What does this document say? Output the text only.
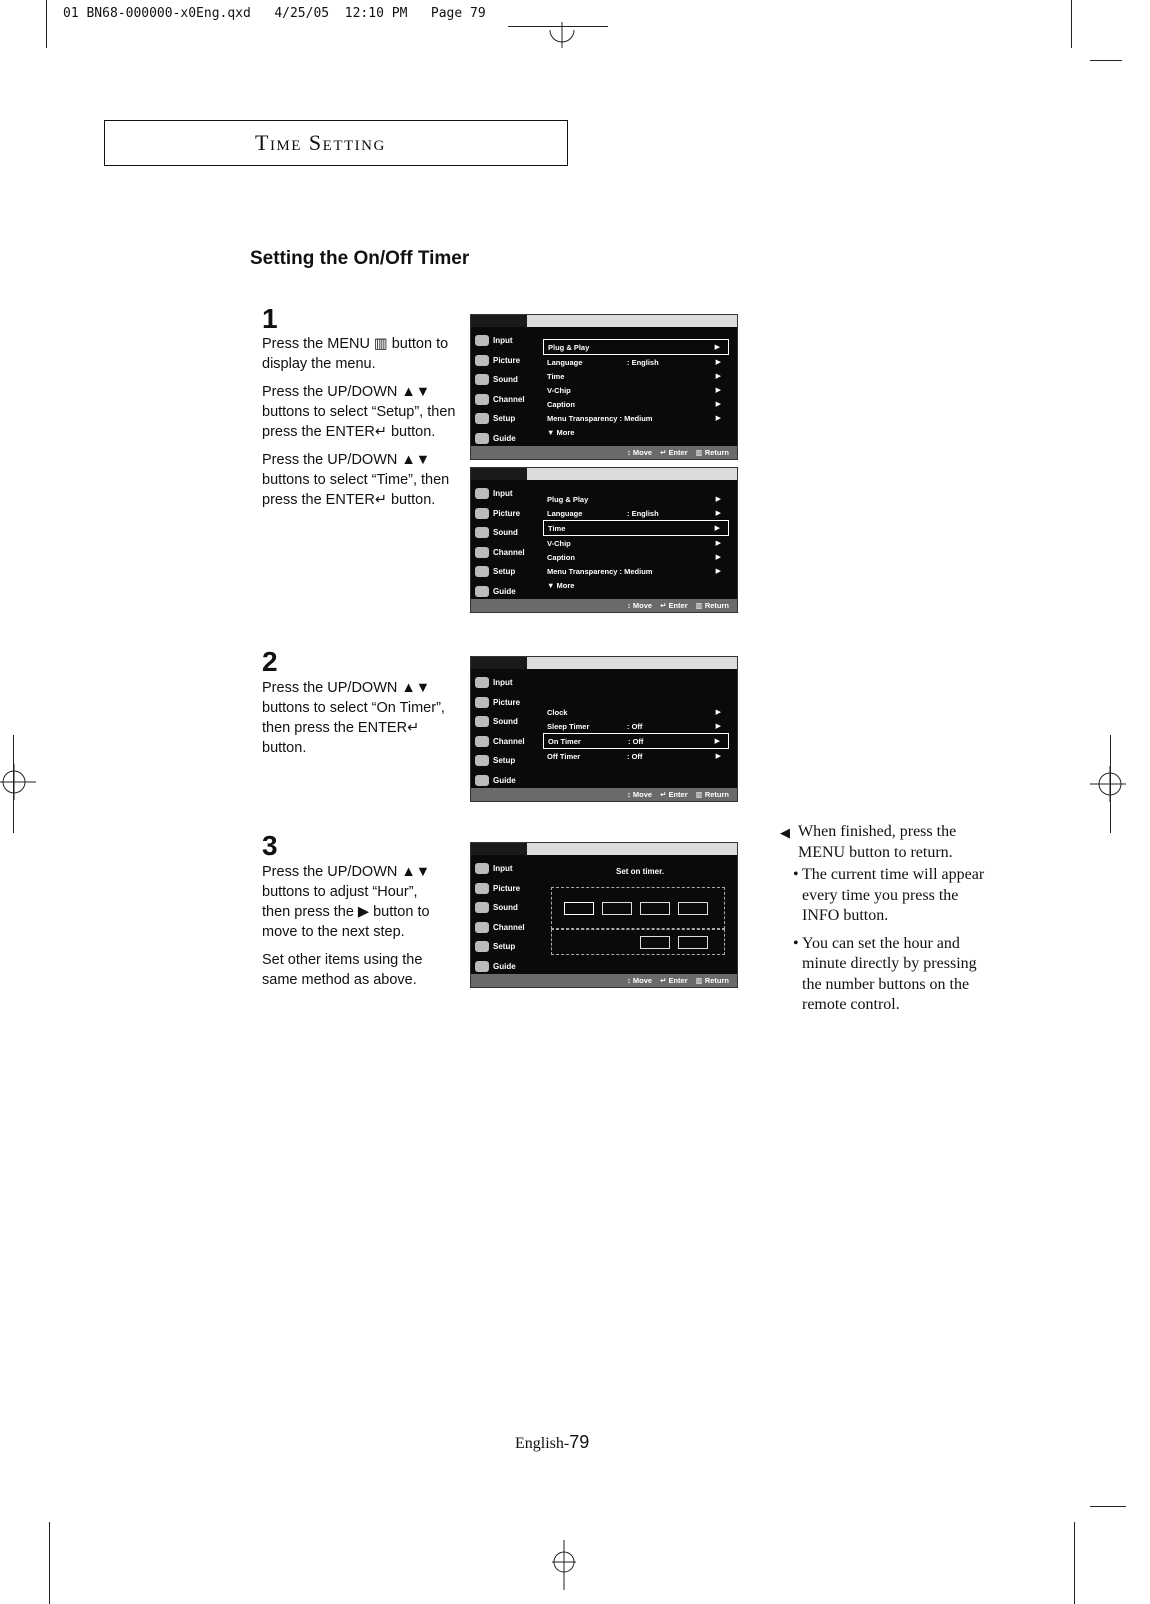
01 BN68-000000-x0Eng.qxd 4/25/05 12:10 PM Page 79
Time Setting
Setting the On/Off Timer
1

Press the MENU ▥ button to display the menu.

Press the UP/DOWN ▲▼ buttons to select “Setup”, then press the ENTER↵ button.

Press the UP/DOWN ▲▼ buttons to select “Time”, then press the ENTER↵ button.

Input
Picture
Sound
Channel
Setup
Guide
Plug & Play	▶
Language	: English	▶
Time	▶
V-Chip	▶
Caption	▶
Menu Transparency
: Medium	▶
▼ More
↕ Move ↵ Enter ▥ Return
Input
Picture
Sound
Channel
Setup
Guide
Plug & Play	▶
Language	: English	▶
Time	▶
V-Chip	▶
Caption	▶
Menu Transparency
: Medium	▶
▼ More
↕ Move ↵ Enter ▥ Return
2

Press the UP/DOWN ▲▼ buttons to select “On Timer”, then press the ENTER↵ button.

Input
Picture
Sound
Channel
Setup
Guide
Clock	▶
Sleep Timer	: Off	▶
On Timer	: Off	▶
Off Timer	: Off	▶
↕ Move ↵ Enter ▥ Return
3

Press the UP/DOWN ▲▼ buttons to adjust “Hour”, then press the ▶ button to move to the next step.

Set other items using the same method as above.

Input
Picture
Sound
Channel
Setup
Guide
Set on timer.
↕ Move ↵ Enter ▥ Return
◀ When finished, press the MENU button to return.
• The current time will appear every time you press the INFO button.
• You can set the hour and minute directly by pressing the number buttons on the remote control.
English-79
